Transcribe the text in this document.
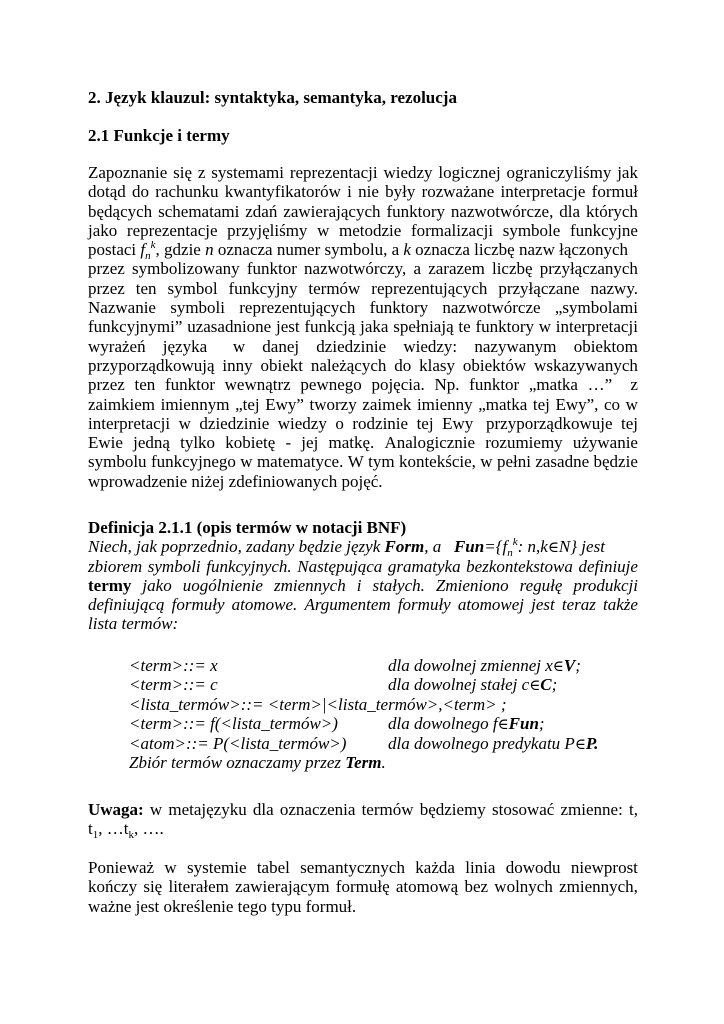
2. Język klauzul: syntaktyka, semantyka, rezolucja
2.1 Funkcje i termy
Zapoznanie się z systemami reprezentacji wiedzy logicznej ograniczyliśmy jak
dotąd do rachunku kwantyfikatorów i nie były rozważane interpretacje formuł
będących schematami zdań zawierających funktory nazwotwórcze, dla których
jako reprezentacje przyjęliśmy w metodzie formalizacji symbole funkcyjne
postaci $f_n^k$, gdzie n oznacza numer symbolu, a k oznacza liczbę nazw łączonych
przez symbolizowany funktor nazwotwórczy, a zarazem liczbę przyłączanych
przez ten symbol funkcyjny termów reprezentujących przyłączane nazwy.
Nazwanie symboli reprezentujących funktory nazwotwórcze „symbolami
funkcyjnymi” uzasadnione jest funkcją jaka spełniają te funktory w interpretacji
wyrażeń języka w danej dziedzinie wiedzy: nazywanym obiektom
przyporządkowują inny obiekt należących do klasy obiektów wskazywanych
przez ten funktor wewnątrz pewnego pojęcia. Np. funktor „matka …” z
zaimkiem imiennym „tej Ewy” tworzy zaimek imienny „matka tej Ewy”, co w
interpretacji w dziedzinie wiedzy o rodzinie tej Ewy przyporządkowuje tej
Ewie jedną tylko kobietę - jej matkę. Analogicznie rozumiemy używanie
symbolu funkcyjnego w matematyce. W tym kontekście, w pełni zasadne będzie
wprowadzenie niżej zdefiniowanych pojęć.
Definicja 2.1.1 (opis termów w notacji BNF)
Niech, jak poprzednio, zadany będzie język Form, a $Fun=\{f_n^k$: n,k∈N} jest
zbiorem symboli funkcyjnych. Następująca gramatyka bezkontekstowa definiuje
termy jako uogólnienie zmiennych i stałych. Zmieniono regułę produkcji
definiującą formuły atomowe. Argumentem formuły atomowej jest teraz także
lista termów:
<term>::= x	dla dowolnej zmiennej x∈V;
<term>::= c	dla dowolnej stałej c∈C;
<lista_termów>::= <term>|<lista_termów>,<term> ;
<term>::= f(<lista_termów>)	dla dowolnego f∈Fun;
<atom>::= P(<lista_termów>) dla dowolnego predykatu P∈P.
Zbiór termów oznaczamy przez Term.
Uwaga: w metajęzyku dla oznaczenia termów będziemy stosować zmienne: t,
$t_1$, $\dots t_k$, ….
Ponieważ w systemie tabel semantycznych każda linia dowodu niewprost
kończy się literałem zawierającym formułę atomową bez wolnych zmiennych,
ważne jest określenie tego typu formuł.
